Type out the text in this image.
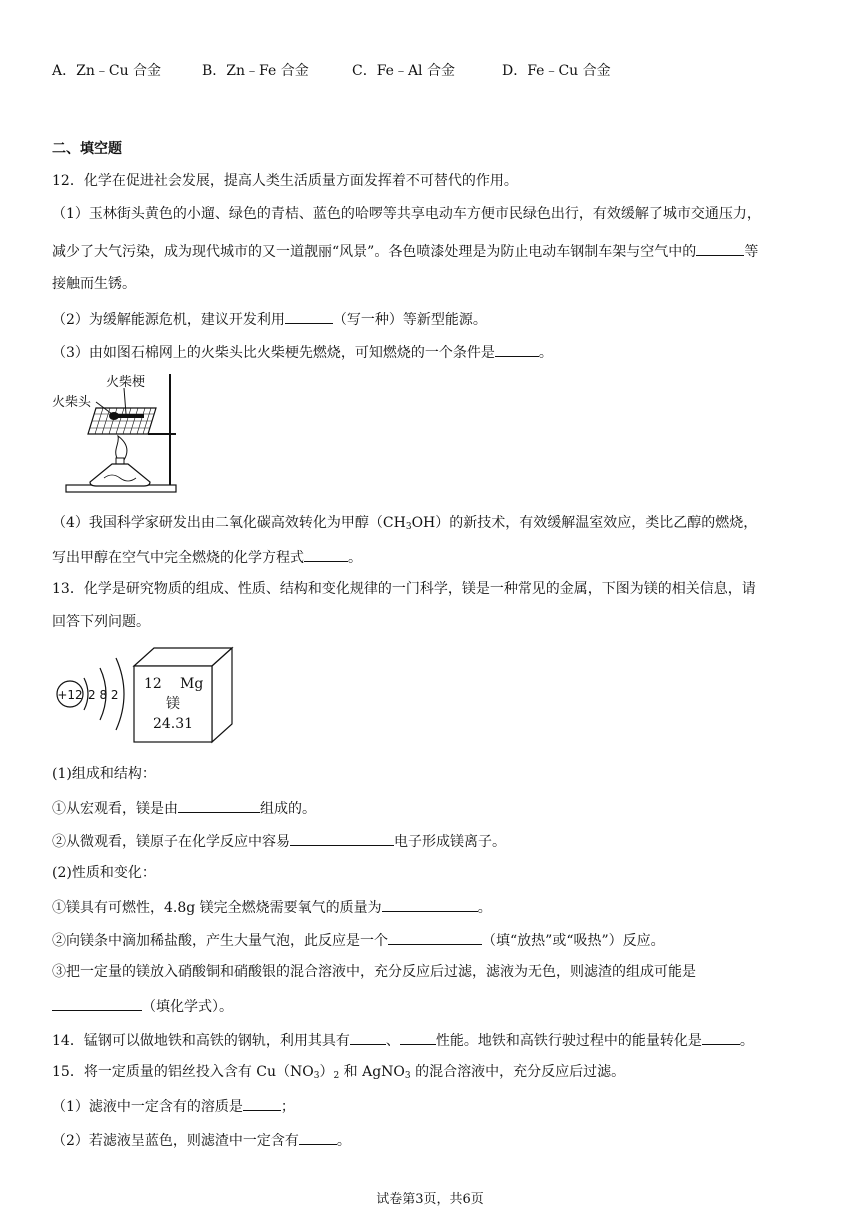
A．Zn﹣Cu 合金	B．Zn﹣Fe 合金	C．Fe﹣Al 合金	D．Fe﹣Cu 合金
二、填空题
12．化学在促进社会发展，提高人类生活质量方面发挥着不可替代的作用。
（1）玉林街头黄色的小遛、绿色的青桔、蓝色的哈啰等共享电动车方便市民绿色出行，有效缓解了城市交通压力，
减少了大气污染，成为现代城市的又一道靓丽“风景”。各色喷漆处理是为防止电动车钢制车架与空气中的	等
接触而生锈。
（2）为缓解能源危机，建议开发利用	（写一种）等新型能源。
（3）由如图石棉网上的火柴头比火柴梗先燃烧，可知燃烧的一个条件是	。
火柴梗
火柴头
（4）我国科学家研发出由二氧化碳高效转化为甲醇$(CH_3OH)$的新技术，有效缓解温室效应，类比乙醇的燃烧，
写出甲醇在空气中完全燃烧的化学方程式	。
13．化学是研究物质的组成、性质、结构和变化规律的一门科学，镁是一种常见的金属，下图为镁的相关信息，请
回答下列问题。
+12 2 8 2
12 Mg
镁
24.31
(1)组成和结构：
①从宏观看，镁是由	组成的。
②从微观看，镁原子在化学反应中容易	电子形成镁离子。
(2)性质和变化：
①镁具有可燃性，4.8g 镁完全燃烧需要氧气的质量为	。
②向镁条中滴加稀盐酸，产生大量气泡，此反应是一个	（填“放热”或“吸热”）反应。
③把一定量的镁放入硝酸铜和硝酸银的混合溶液中，充分反应后过滤，滤液为无色，则滤渣的组成可能是
（填化学式）。
14．锰钢可以做地铁和高铁的钢轨，利用其具有	、	性能。地铁和高铁行驶过程中的能量转化是	。
15．将一定质量的铝丝投入含有 $Cu(NO_3)_2$ 和 AgNO$_3$ 的混合溶液中，充分反应后过滤。
（1）滤液中一定含有的溶质是	；
（2）若滤液呈蓝色，则滤渣中一定含有	。
试卷第3页，共6页
